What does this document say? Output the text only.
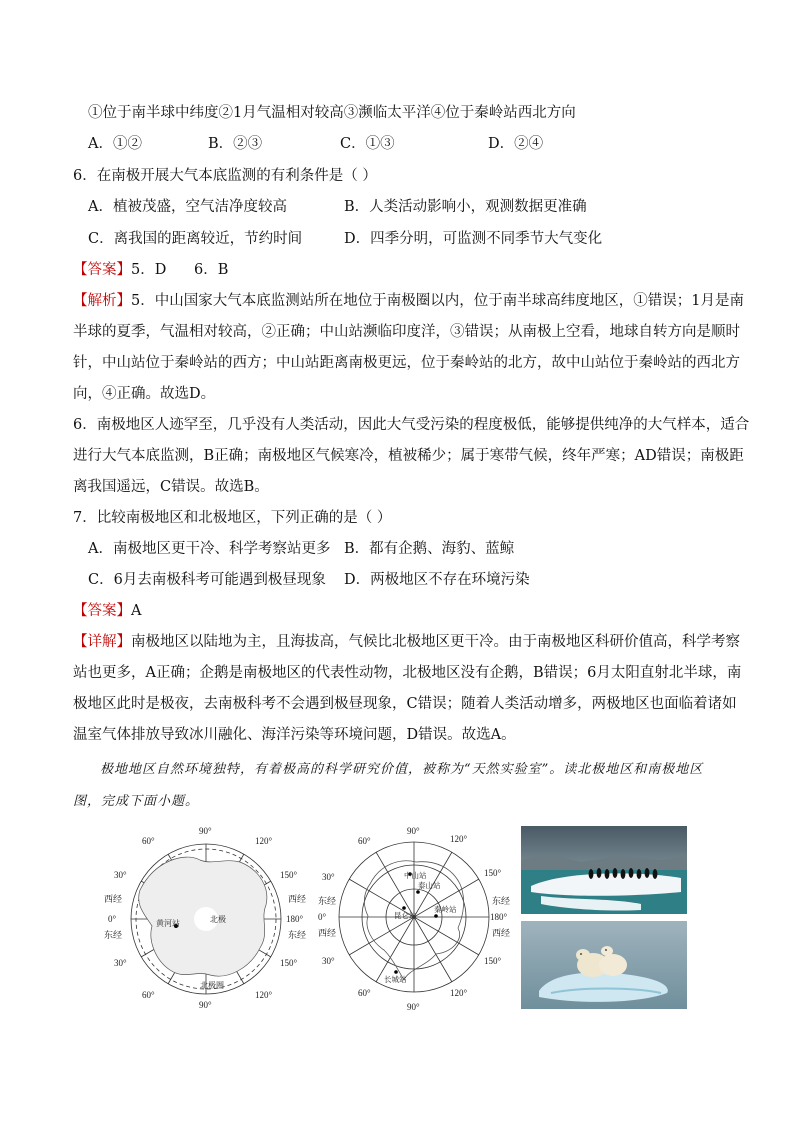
①位于南半球中纬度②1月气温相对较高③濒临太平洋④位于秦岭站西北方向
A．①②	B．②③	C．①③	D．②④
6．在南极开展大气本底监测的有利条件是（ ）
A．植被茂盛，空气洁净度较高	B．人类活动影响小，观测数据更准确
C．离我国的距离较近，节约时间	D．四季分明，可监测不同季节大气变化
【答案】5．D      6．B
【解析】5．中山国家大气本底监测站所在地位于南极圈以内，位于南半球高纬度地区，①错误；1月是南
半球的夏季，气温相对较高，②正确；中山站濒临印度洋，③错误；从南极上空看，地球自转方向是顺时
针，中山站位于秦岭站的西方；中山站距离南极更远，位于秦岭站的北方，故中山站位于秦岭站的西北方
向，④正确。故选D。
6．南极地区人迹罕至，几乎没有人类活动，因此大气受污染的程度极低，能够提供纯净的大气样本，适合
进行大气本底监测，B正确；南极地区气候寒冷，植被稀少；属于寒带气候，终年严寒；AD错误；南极距
离我国遥远，C错误。故选B。
7．比较南极地区和北极地区，下列正确的是（ ）
A．南极地区更干冷、科学考察站更多 B．都有企鹅、海豹、蓝鲸
C．6月去南极科考可能遇到极昼现象 D．两极地区不存在环境污染
【答案】A
【详解】南极地区以陆地为主，且海拔高，气候比北极地区更干冷。由于南极地区科研价值高，科学考察
站也更多，A正确；企鹅是南极地区的代表性动物，北极地区没有企鹅，B错误；6月太阳直射北半球，南
极地区此时是极夜，去南极科考不会遇到极昼现象，C错误；随着人类活动增多，两极地区也面临着诸如
温室气体排放导致冰川融化、海洋污染等环境问题，D错误。故选A。
极地地区自然环境独特，有着极高的科学研究价值，被称为“天然实验室”。读北极地区和南极地区
图，完成下面小题。
90°
120°
60°
150°
30°
西经
0°
东经
西经
180°
东经
30°	150°
60°	120°
90°
北极
黄河站
北极圈
90°
120°
60°
150°
30°
东经
0°
西经
东经
180°
西经
30°	150°
60°	120°
90°
中山站
泰山站
昆仑站
秦岭站
长城站
